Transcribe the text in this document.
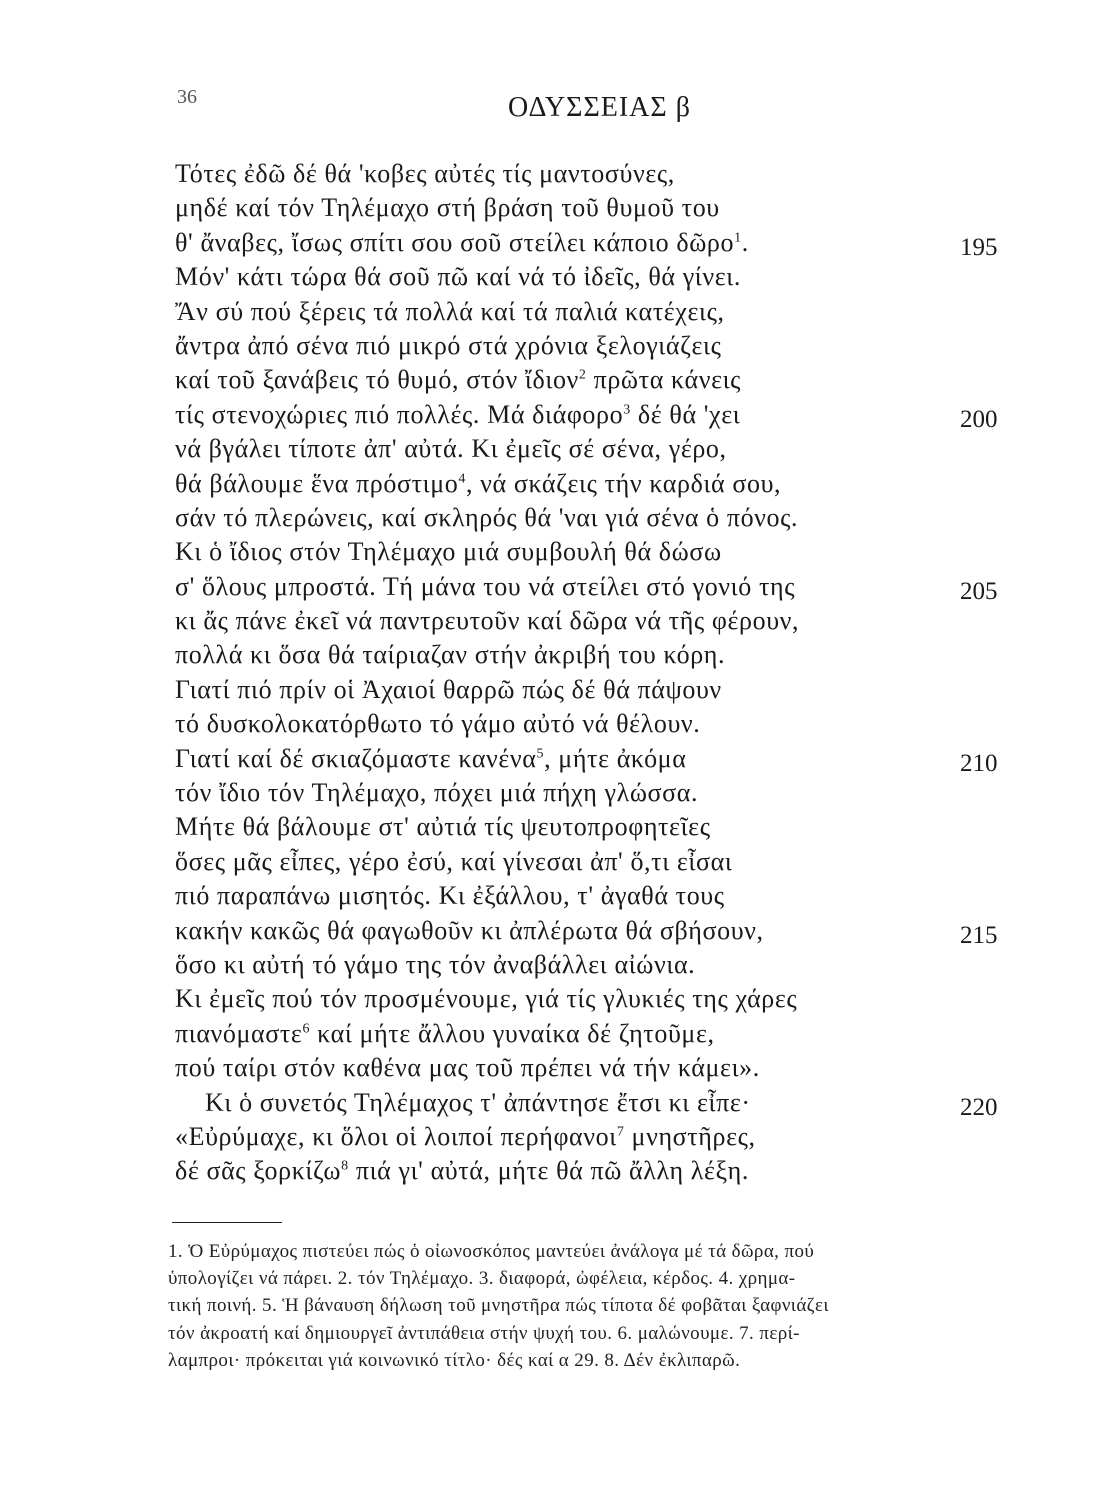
36	ΟΔΥΣΣΕΙΑΣ β
Τότες ἐδῶ δέ θά 'κοβες αὐτές τίς μαντοσύνες,
μηδέ καί τόν Τηλέμαχο στή βράση τοῦ θυμοῦ του
θ' ἄναβες, ἴσως σπίτι σου σοῦ στείλει κάποιο δῶρο$^1$.
Μόν' κάτι τώρα θά σοῦ πῶ καί νά τό ἰδεῖς, θά γίνει.
Ἄν σύ πού ξέρεις τά πολλά καί τά παλιά κατέχεις,
ἄντρα ἀπό σένα πιό μικρό στά χρόνια ξελογιάζεις
καί τοῦ ξανάβεις τό θυμό, στόν ἴδιον$^2$ πρῶτα κάνεις
τίς στενοχώριες πιό πολλές. Μά διάφορο$^3$ δέ θά 'χει
νά βγάλει τίποτε ἀπ' αὐτά. Κι ἐμεῖς σέ σένα, γέρο,
θά βάλουμε ἕνα πρόστιμο$^4$, νά σκάζεις τήν καρδιά σου,
σάν τό πλερώνεις, καί σκληρός θά 'ναι γιά σένα ὁ πόνος.
Κι ὁ ἴδιος στόν Τηλέμαχο μιά συμβουλή θά δώσω
σ' ὅλους μπροστά. Τή μάνα του νά στείλει στό γονιό της
κι ἄς πάνε ἐκεῖ νά παντρευτοῦν καί δῶρα νά τῆς φέρουν,
πολλά κι ὅσα θά ταίριαζαν στήν ἀκριβή του κόρη.
Γιατί πιό πρίν οἱ Ἀχαιοί θαρρῶ πώς δέ θά πάψουν
τό δυσκολοκατόρθωτο τό γάμο αὐτό νά θέλουν.
Γιατί καί δέ σκιαζόμαστε κανένα$^5$, μήτε ἀκόμα
τόν ἴδιο τόν Τηλέμαχο, πόχει μιά πήχη γλώσσα.
Μήτε θά βάλουμε στ' αὐτιά τίς ψευτοπροφητεῖες
ὅσες μᾶς εἶπες, γέρο ἐσύ, καί γίνεσαι ἀπ' ὅ,τι εἶσαι
πιό παραπάνω μισητός. Κι ἐξάλλου, τ' ἀγαθά τους
κακήν κακῶς θά φαγωθοῦν κι ἀπλέρωτα θά σβήσουν,
ὅσο κι αὐτή τό γάμο της τόν ἀναβάλλει αἰώνια.
Κι ἐμεῖς πού τόν προσμένουμε, γιά τίς γλυκιές της χάρες
πιανόμαστε$^6$ καί μήτε ἄλλου γυναίκα δέ ζητοῦμε,
πού ταίρι στόν καθένα μας τοῦ πρέπει νά τήν κάμει».
Κι ὁ συνετός Τηλέμαχος τ' ἀπάντησε ἔτσι κι εἶπε·
«Εὐρύμαχε, κι ὅλοι οἱ λοιποί περήφανοι$^7$ μνηστῆρες,
δέ σᾶς ξορκίζω$^8$ πιά γι' αὐτά, μήτε θά πῶ ἄλλη λέξη.
195
200
205
210
215
220
1. Ὁ Εὐρύμαχος πιστεύει πώς ὁ οἰωνοσκόπος μαντεύει ἀνάλογα μέ τά δῶρα, πού
ὑπολογίζει νά πάρει. 2. τόν Τηλέμαχο. 3. διαφορά, ὠφέλεια, κέρδος. 4. χρημα-
τική ποινή. 5. Ἡ βάναυση δήλωση τοῦ μνηστῆρα πώς τίποτα δέ φοβᾶται ξαφνιάζει
τόν ἀκροατή καί δημιουργεῖ ἀντιπάθεια στήν ψυχή του. 6. μαλώνουμε. 7. περί-
λαμπροι· πρόκειται γιά κοινωνικό τίτλο· δές καί α 29. 8. Δέν ἐκλιπαρῶ.
